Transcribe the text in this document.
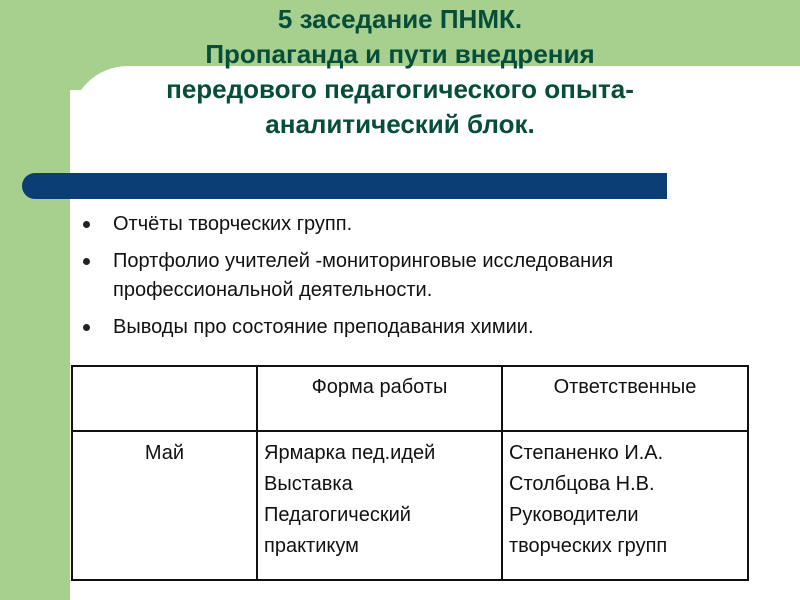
5 заседание ПНМК.
Пропаганда и пути внедрения
передового педагогического опыта-
аналитический блок.
Отчёты творческих групп.
Портфолио учителей -мониторинговые исследования профессиональной деятельности.
Выводы про состояние преподавания химии.
	Форма работы	Ответственные
Май	Ярмарка пед.идей
Выставка
Педагогический
практикум	Степаненко И.А.
Столбцова Н.В.
Руководители
творческих групп
